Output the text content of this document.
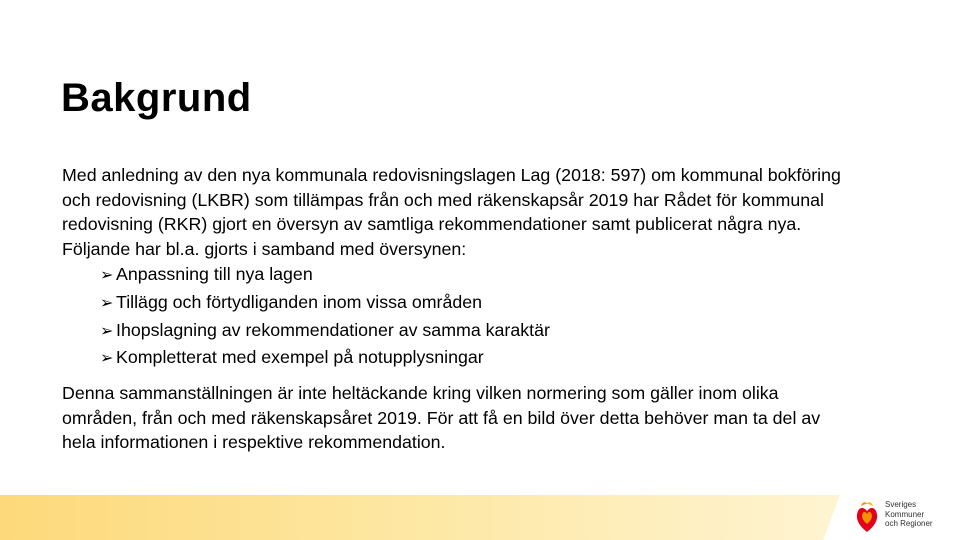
Bakgrund

Med anledning av den nya kommunala redovisningslagen Lag (2018: 597) om kommunal bokföring och redovisning (LKBR) som tillämpas från och med räkenskapsår 2019 har Rådet för kommunal redovisning (RKR) gjort en översyn av samtliga rekommendationer samt publicerat några nya. Följande har bl.a. gjorts i samband med översynen:

➢ Anpassning till nya lagen
➢ Tillägg och förtydliganden inom vissa områden
➢ Ihopslagning av rekommendationer av samma karaktär
➢ Kompletterat med exempel på notupplysningar

Denna sammanställningen är inte heltäckande kring vilken normering som gäller inom olika områden, från och med räkenskapsåret 2019. För att få en bild över detta behöver man ta del av hela informationen i respektive rekommendation.

Sveriges
Kommuner
och Regioner
